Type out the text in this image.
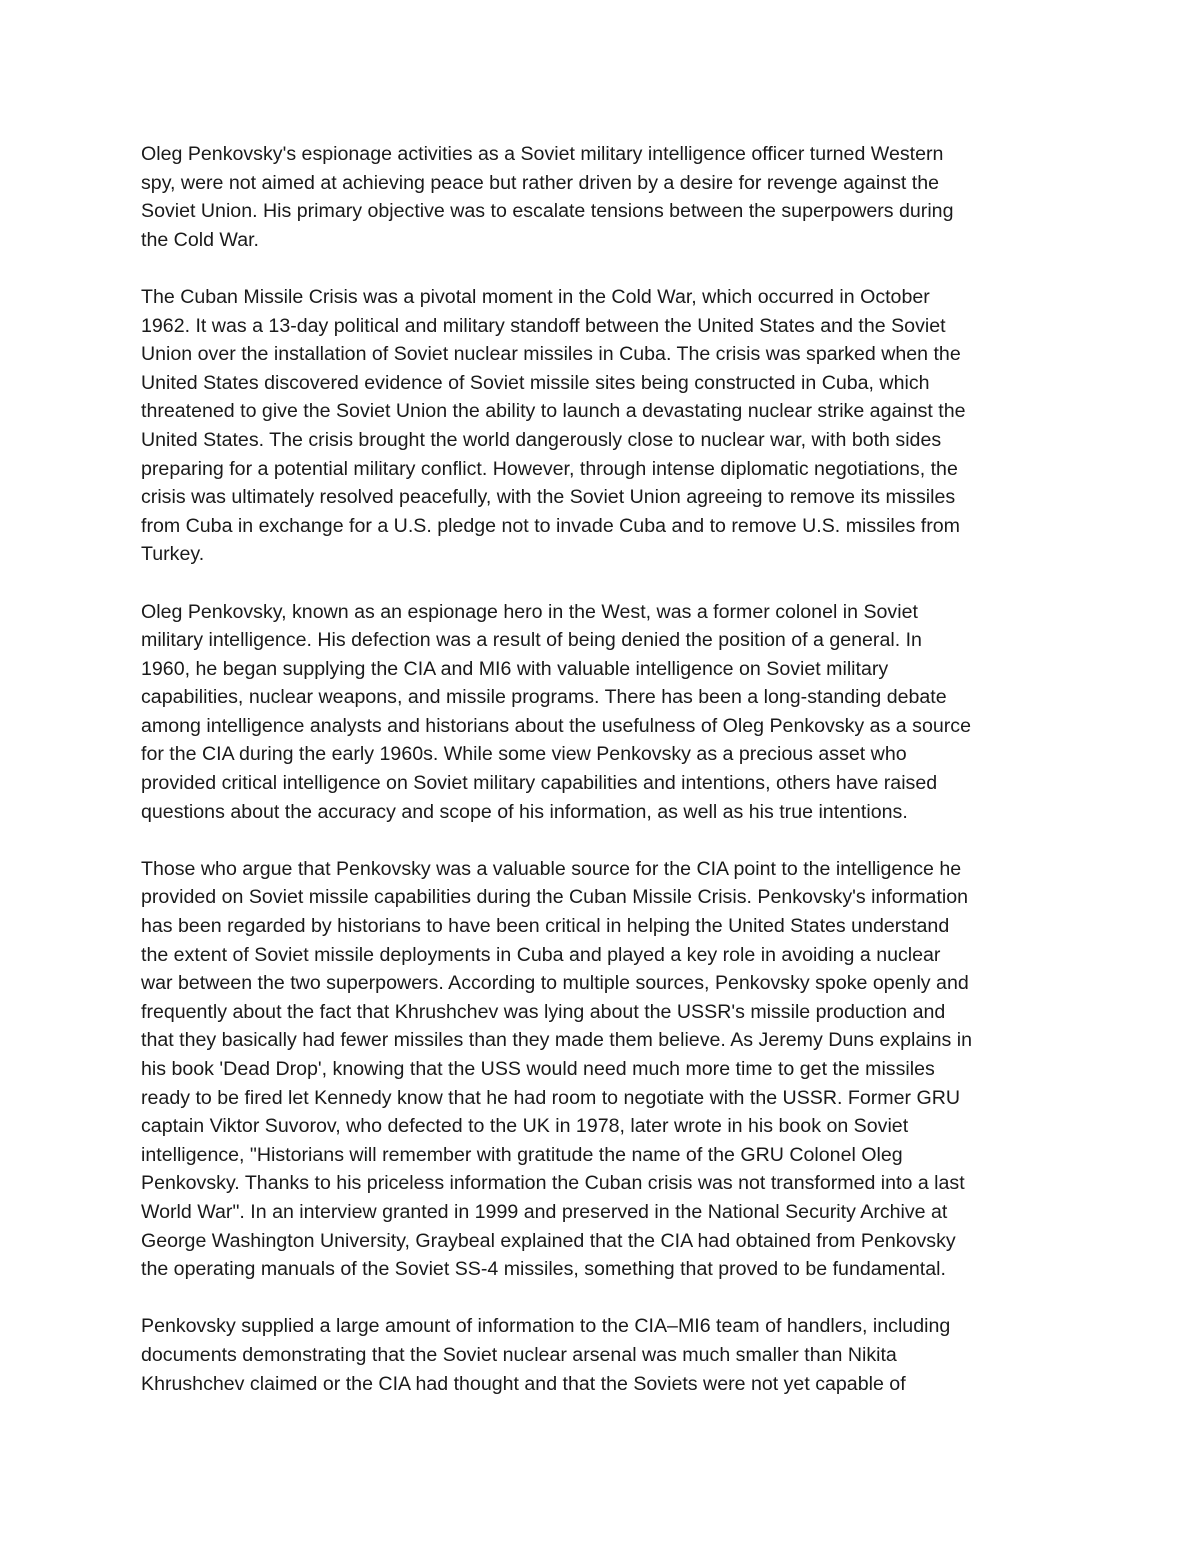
Oleg Penkovsky's espionage activities as a Soviet military intelligence officer turned Western
spy, were not aimed at achieving peace but rather driven by a desire for revenge against the
Soviet Union. His primary objective was to escalate tensions between the superpowers during
the Cold War.

The Cuban Missile Crisis was a pivotal moment in the Cold War, which occurred in October
1962. It was a 13-day political and military standoff between the United States and the Soviet
Union over the installation of Soviet nuclear missiles in Cuba. The crisis was sparked when the
United States discovered evidence of Soviet missile sites being constructed in Cuba, which
threatened to give the Soviet Union the ability to launch a devastating nuclear strike against the
United States. The crisis brought the world dangerously close to nuclear war, with both sides
preparing for a potential military conflict. However, through intense diplomatic negotiations, the
crisis was ultimately resolved peacefully, with the Soviet Union agreeing to remove its missiles
from Cuba in exchange for a U.S. pledge not to invade Cuba and to remove U.S. missiles from
Turkey.

Oleg Penkovsky, known as an espionage hero in the West, was a former colonel in Soviet
military intelligence. His defection was a result of being denied the position of a general. In
1960, he began supplying the CIA and MI6 with valuable intelligence on Soviet military
capabilities, nuclear weapons, and missile programs. There has been a long-standing debate
among intelligence analysts and historians about the usefulness of Oleg Penkovsky as a source
for the CIA during the early 1960s. While some view Penkovsky as a precious asset who
provided critical intelligence on Soviet military capabilities and intentions, others have raised
questions about the accuracy and scope of his information, as well as his true intentions.

Those who argue that Penkovsky was a valuable source for the CIA point to the intelligence he
provided on Soviet missile capabilities during the Cuban Missile Crisis. Penkovsky's information
has been regarded by historians to have been critical in helping the United States understand
the extent of Soviet missile deployments in Cuba and played a key role in avoiding a nuclear
war between the two superpowers. According to multiple sources, Penkovsky spoke openly and
frequently about the fact that Khrushchev was lying about the USSR's missile production and
that they basically had fewer missiles than they made them believe. As Jeremy Duns explains in
his book 'Dead Drop', knowing that the USS would need much more time to get the missiles
ready to be fired let Kennedy know that he had room to negotiate with the USSR. Former GRU
captain Viktor Suvorov, who defected to the UK in 1978, later wrote in his book on Soviet
intelligence, "Historians will remember with gratitude the name of the GRU Colonel Oleg
Penkovsky. Thanks to his priceless information the Cuban crisis was not transformed into a last
World War". In an interview granted in 1999 and preserved in the National Security Archive at
George Washington University, Graybeal explained that the CIA had obtained from Penkovsky
the operating manuals of the Soviet SS-4 missiles, something that proved to be fundamental.

Penkovsky supplied a large amount of information to the CIA–MI6 team of handlers, including
documents demonstrating that the Soviet nuclear arsenal was much smaller than Nikita
Khrushchev claimed or the CIA had thought and that the Soviets were not yet capable of
